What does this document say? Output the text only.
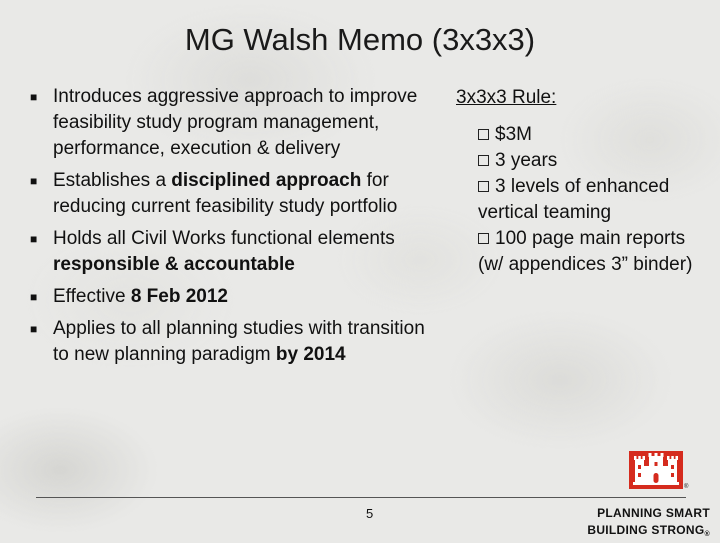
MG Walsh Memo (3x3x3)
■ Introduces aggressive approach to improve feasibility study program management, performance, execution & delivery
■ Establishes a disciplined approach for reducing current feasibility study portfolio
■ Holds all Civil Works functional elements responsible & accountable
■ Effective 8 Feb 2012
■ Applies to all planning studies with transition to new planning paradigm by 2014
3x3x3 Rule:
$3M
3 years
3 levels of enhanced vertical teaming
100 page main reports (w/ appendices 3” binder)
5
®
PLANNING SMART
BUILDING STRONG®
